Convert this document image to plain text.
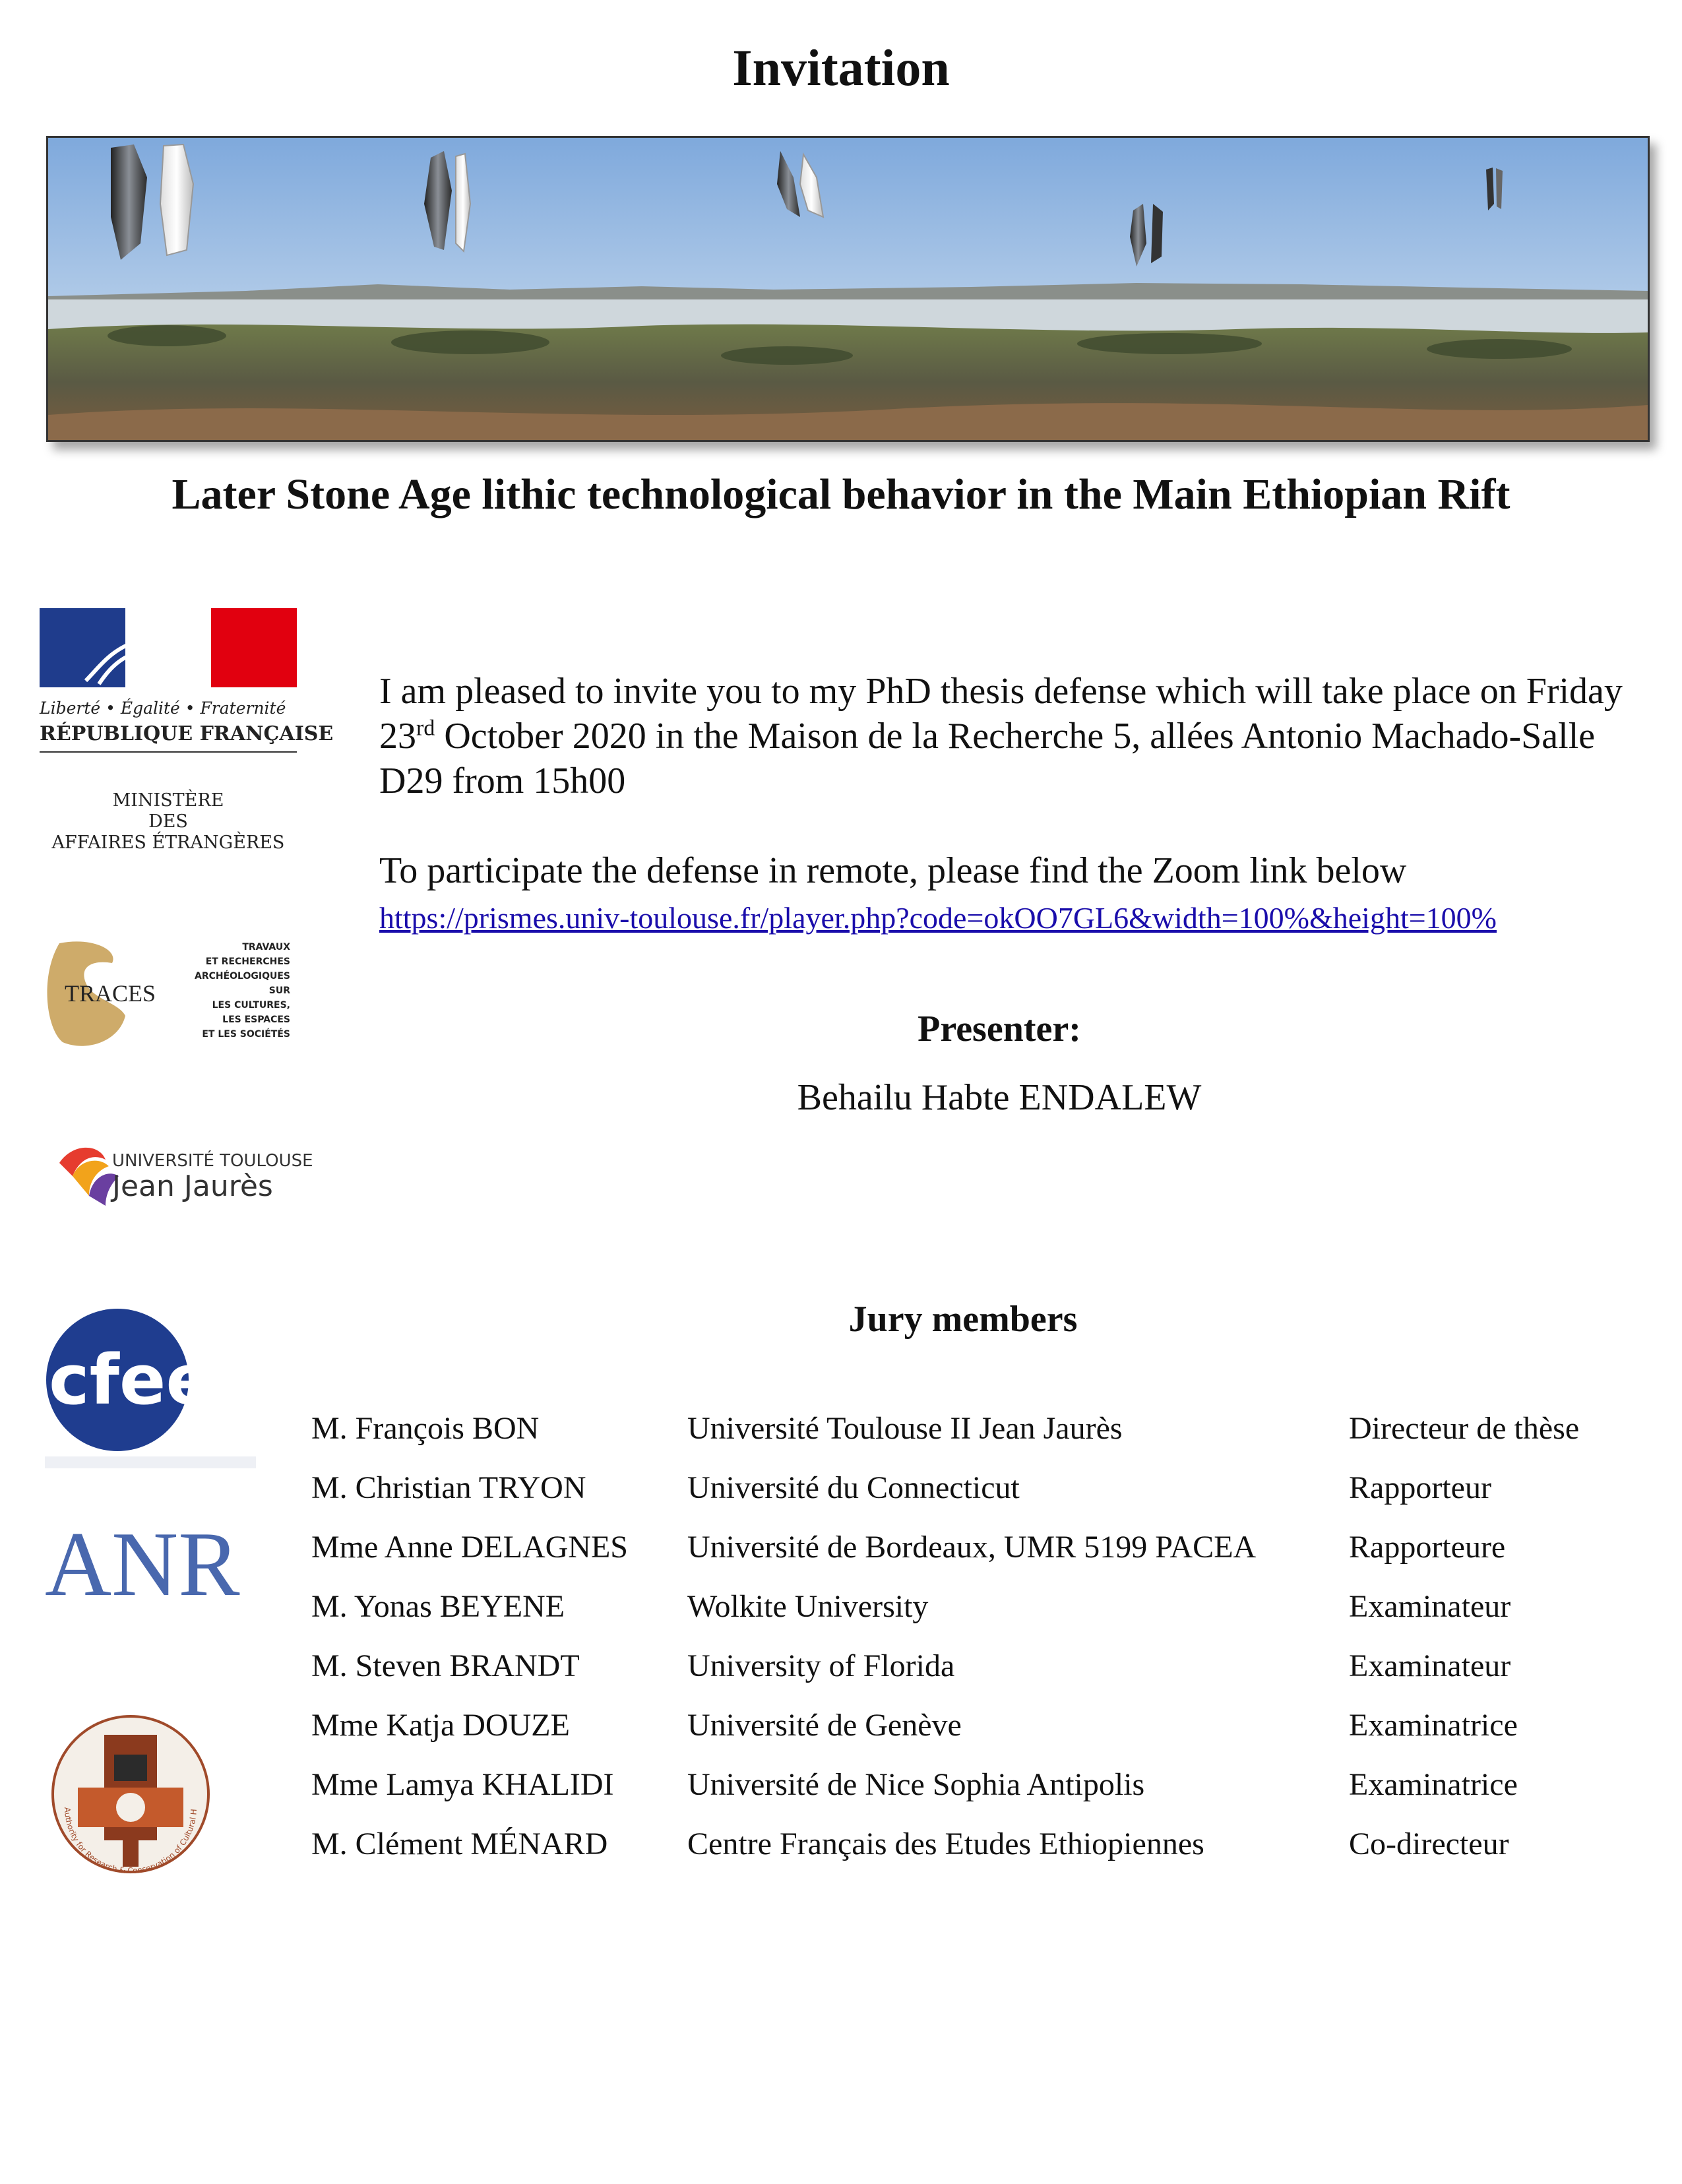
Invitation
Later Stone Age lithic technological behavior in the Main Ethiopian Rift
Liberté • Égalité • Fraternité
RÉPUBLIQUE FRANÇAISE
MINISTÈRE
DES
AFFAIRES ÉTRANGÈRES
TRACES
TRAVAUX
ET RECHERCHES
ARCHÉOLOGIQUES
SUR
LES CULTURES,
LES ESPACES
ET LES SOCIÉTÉS
UNIVERSITÉ TOULOUSE
Jean Jaurès
cfee
ANR
Authority for Research & Conservation of Cultural H

I am pleased to invite you to my PhD thesis defense which will take place on Friday 23rd October 2020 in the Maison de la Recherche 5, allées Antonio Machado-Salle D29 from 15h00

To participate the defense in remote, please find the Zoom link below

https://prismes.univ-toulouse.fr/player.php?code=okOO7GL6&width=100%&height=100%
Presenter:
Behailu Habte ENDALEW
Jury members
M. François BON	Université Toulouse II Jean Jaurès	Directeur de thèse
M. Christian TRYON	Université du Connecticut	Rapporteur
Mme Anne DELAGNES	Université de Bordeaux, UMR 5199 PACEA	Rapporteure
M. Yonas BEYENE	Wolkite University	Examinateur
M. Steven BRANDT	University of Florida	Examinateur
Mme Katja DOUZE	Université de Genève	Examinatrice
Mme Lamya KHALIDI	Université de Nice Sophia Antipolis	Examinatrice
M. Clément MÉNARD	Centre Français des Etudes Ethiopiennes	Co-directeur
